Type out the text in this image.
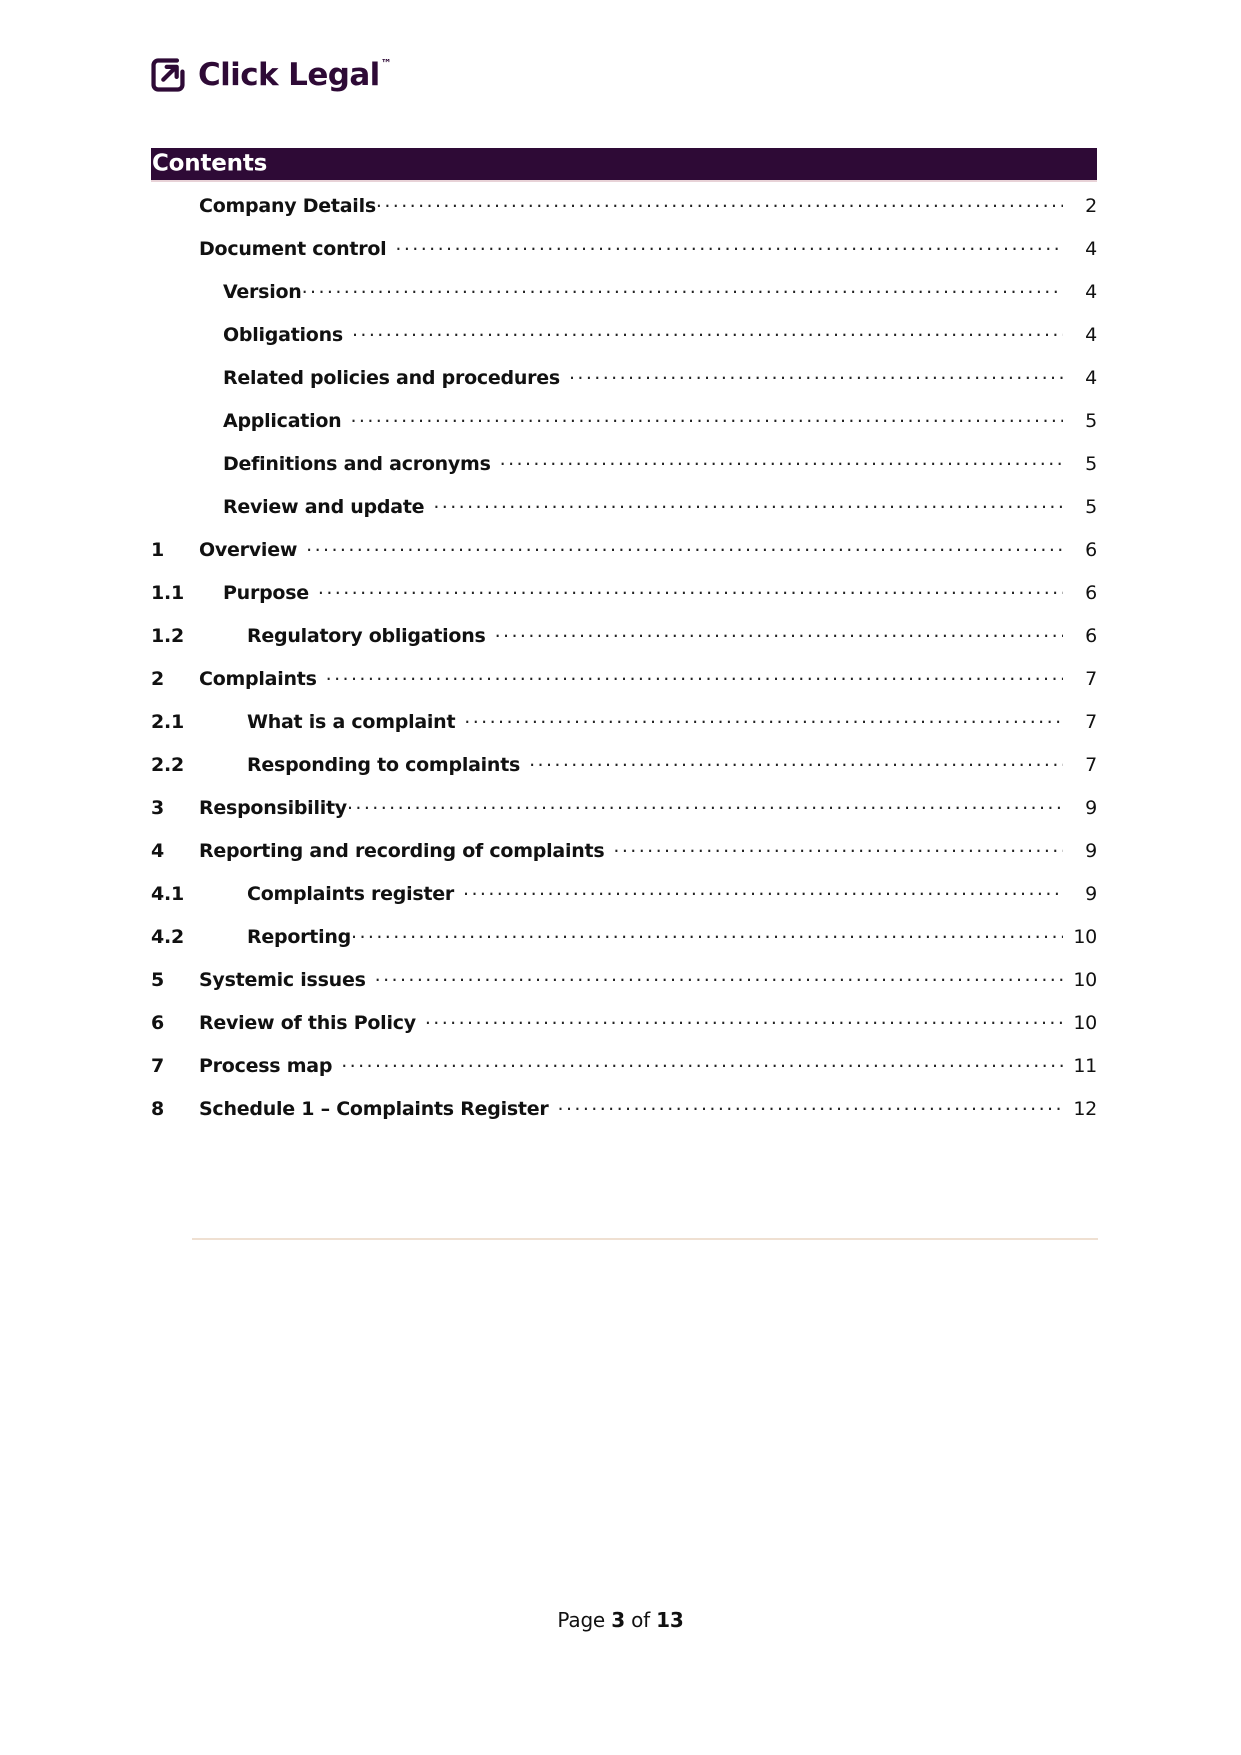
Click Legal™
Contents
Company Details .....	2
Document control .....	4
Version .....	4
Obligations .....	4
Related policies and procedures .....	4
Application .....	5
Definitions and acronyms .....	5
Review and update .....	5
1	Overview .....	6
1.1	Purpose .....	6
1.2	Regulatory obligations .....	6
2	Complaints .....	7
2.1	What is a complaint .....	7
2.2	Responding to complaints .....	7
3	Responsibility .....	9
4	Reporting and recording of complaints .....	9
4.1	Complaints register .....	9
4.2	Reporting .....	10
5	Systemic issues .....	10
6	Review of this Policy .....	10
7	Process map .....	11
8	Schedule 1 – Complaints Register .....	12
Page 3 of 13
